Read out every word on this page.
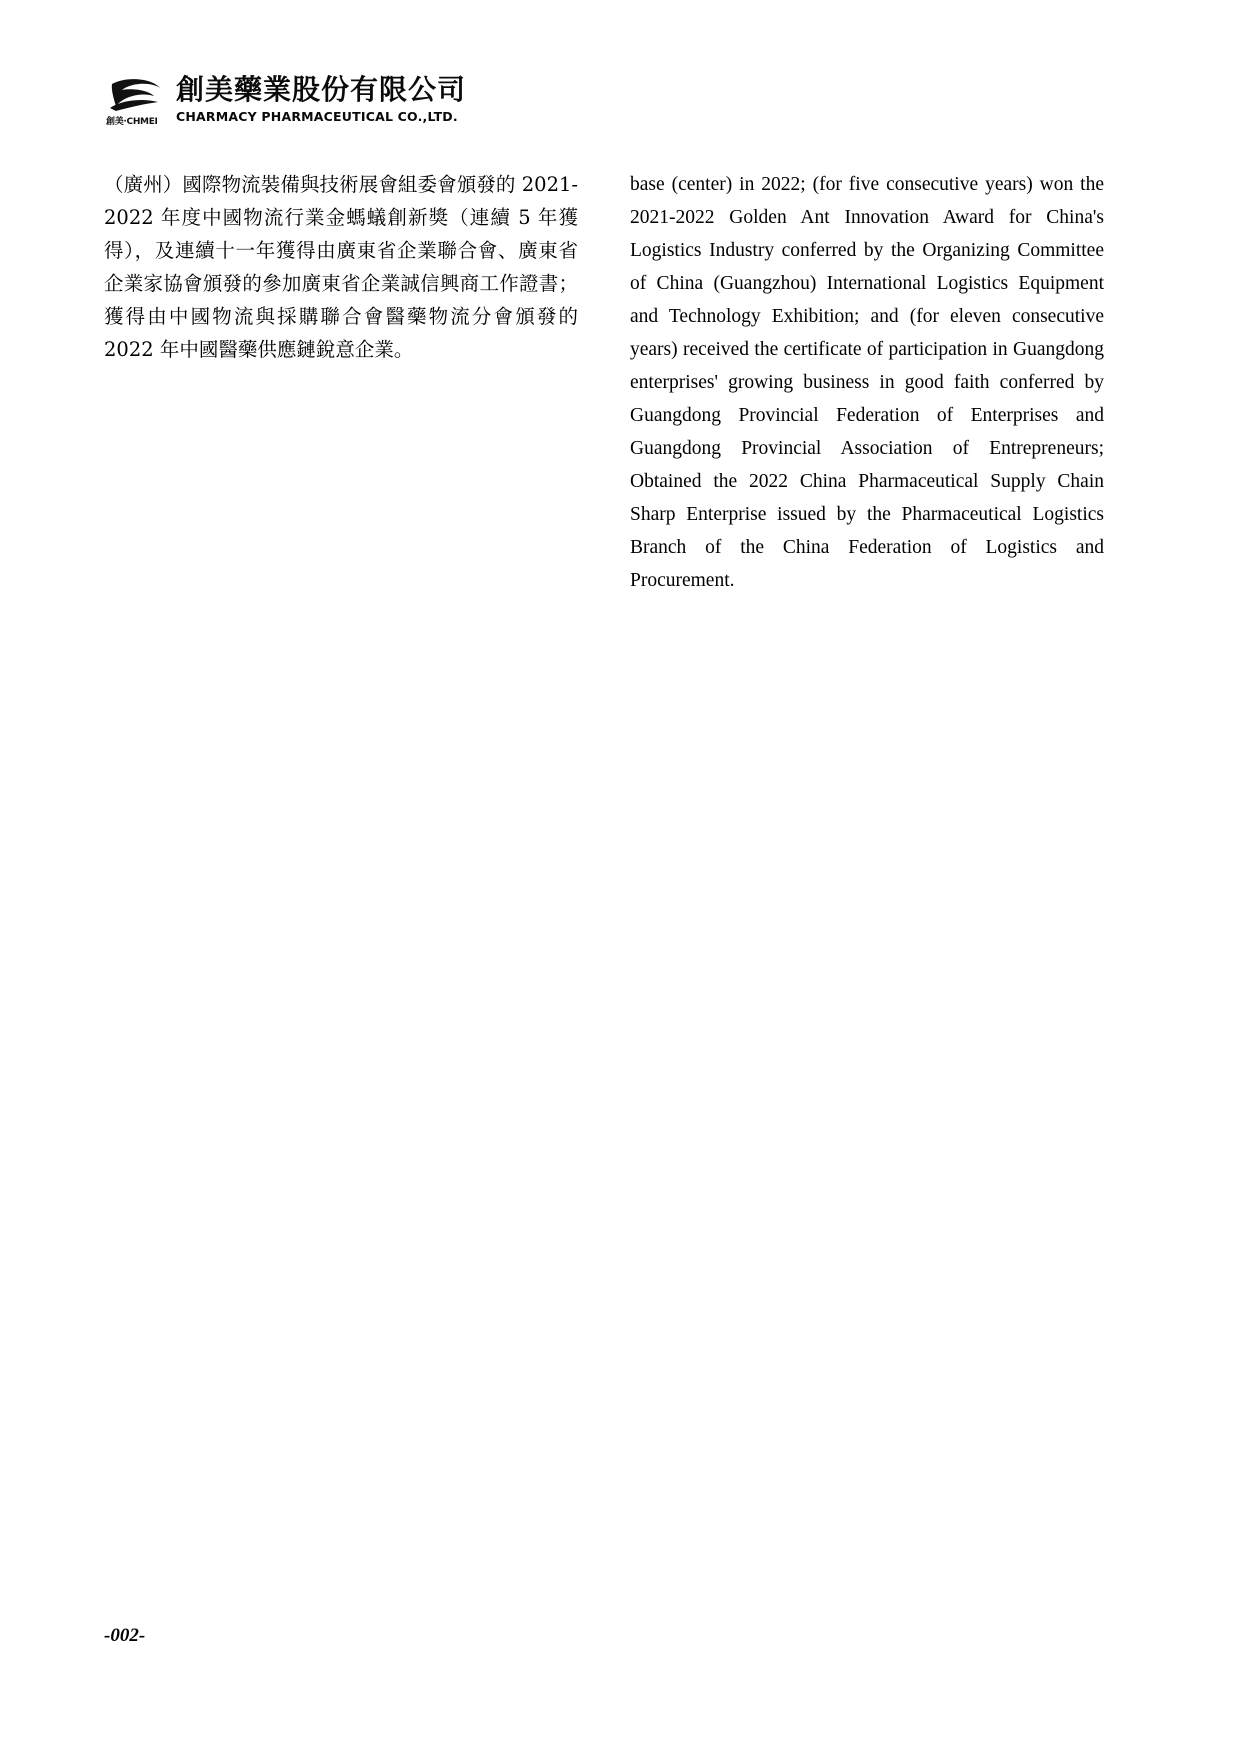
創美·CHMEI
創美藥業股份有限公司
CHARMACY PHARMACEUTICAL CO.,LTD.

（廣州）國際物流裝備與技術展會組委會頒發的 2021-2022 年度中國物流行業金螞蟻創新獎（連續 5 年獲得），及連續十一年獲得由廣東省企業聯合會、廣東省企業家協會頒發的參加廣東省企業誠信興商工作證書；獲得由中國物流與採購聯合會醫藥物流分會頒發的 2022 年中國醫藥供應鏈銳意企業。

base (center) in 2022; (for five consecutive years) won the 2021-2022 Golden Ant Innovation Award for China's Logistics Industry conferred by the Organizing Committee of China (Guangzhou) International Logistics Equipment and Technology Exhibition; and (for eleven consecutive years) received the certificate of participation in Guangdong enterprises' growing business in good faith conferred by Guangdong Provincial Federation of Enterprises and Guangdong Provincial Association of Entrepreneurs; Obtained the 2022 China Pharmaceutical Supply Chain Sharp Enterprise issued by the Pharmaceutical Logistics Branch of the China Federation of Logistics and Procurement.

-002-
